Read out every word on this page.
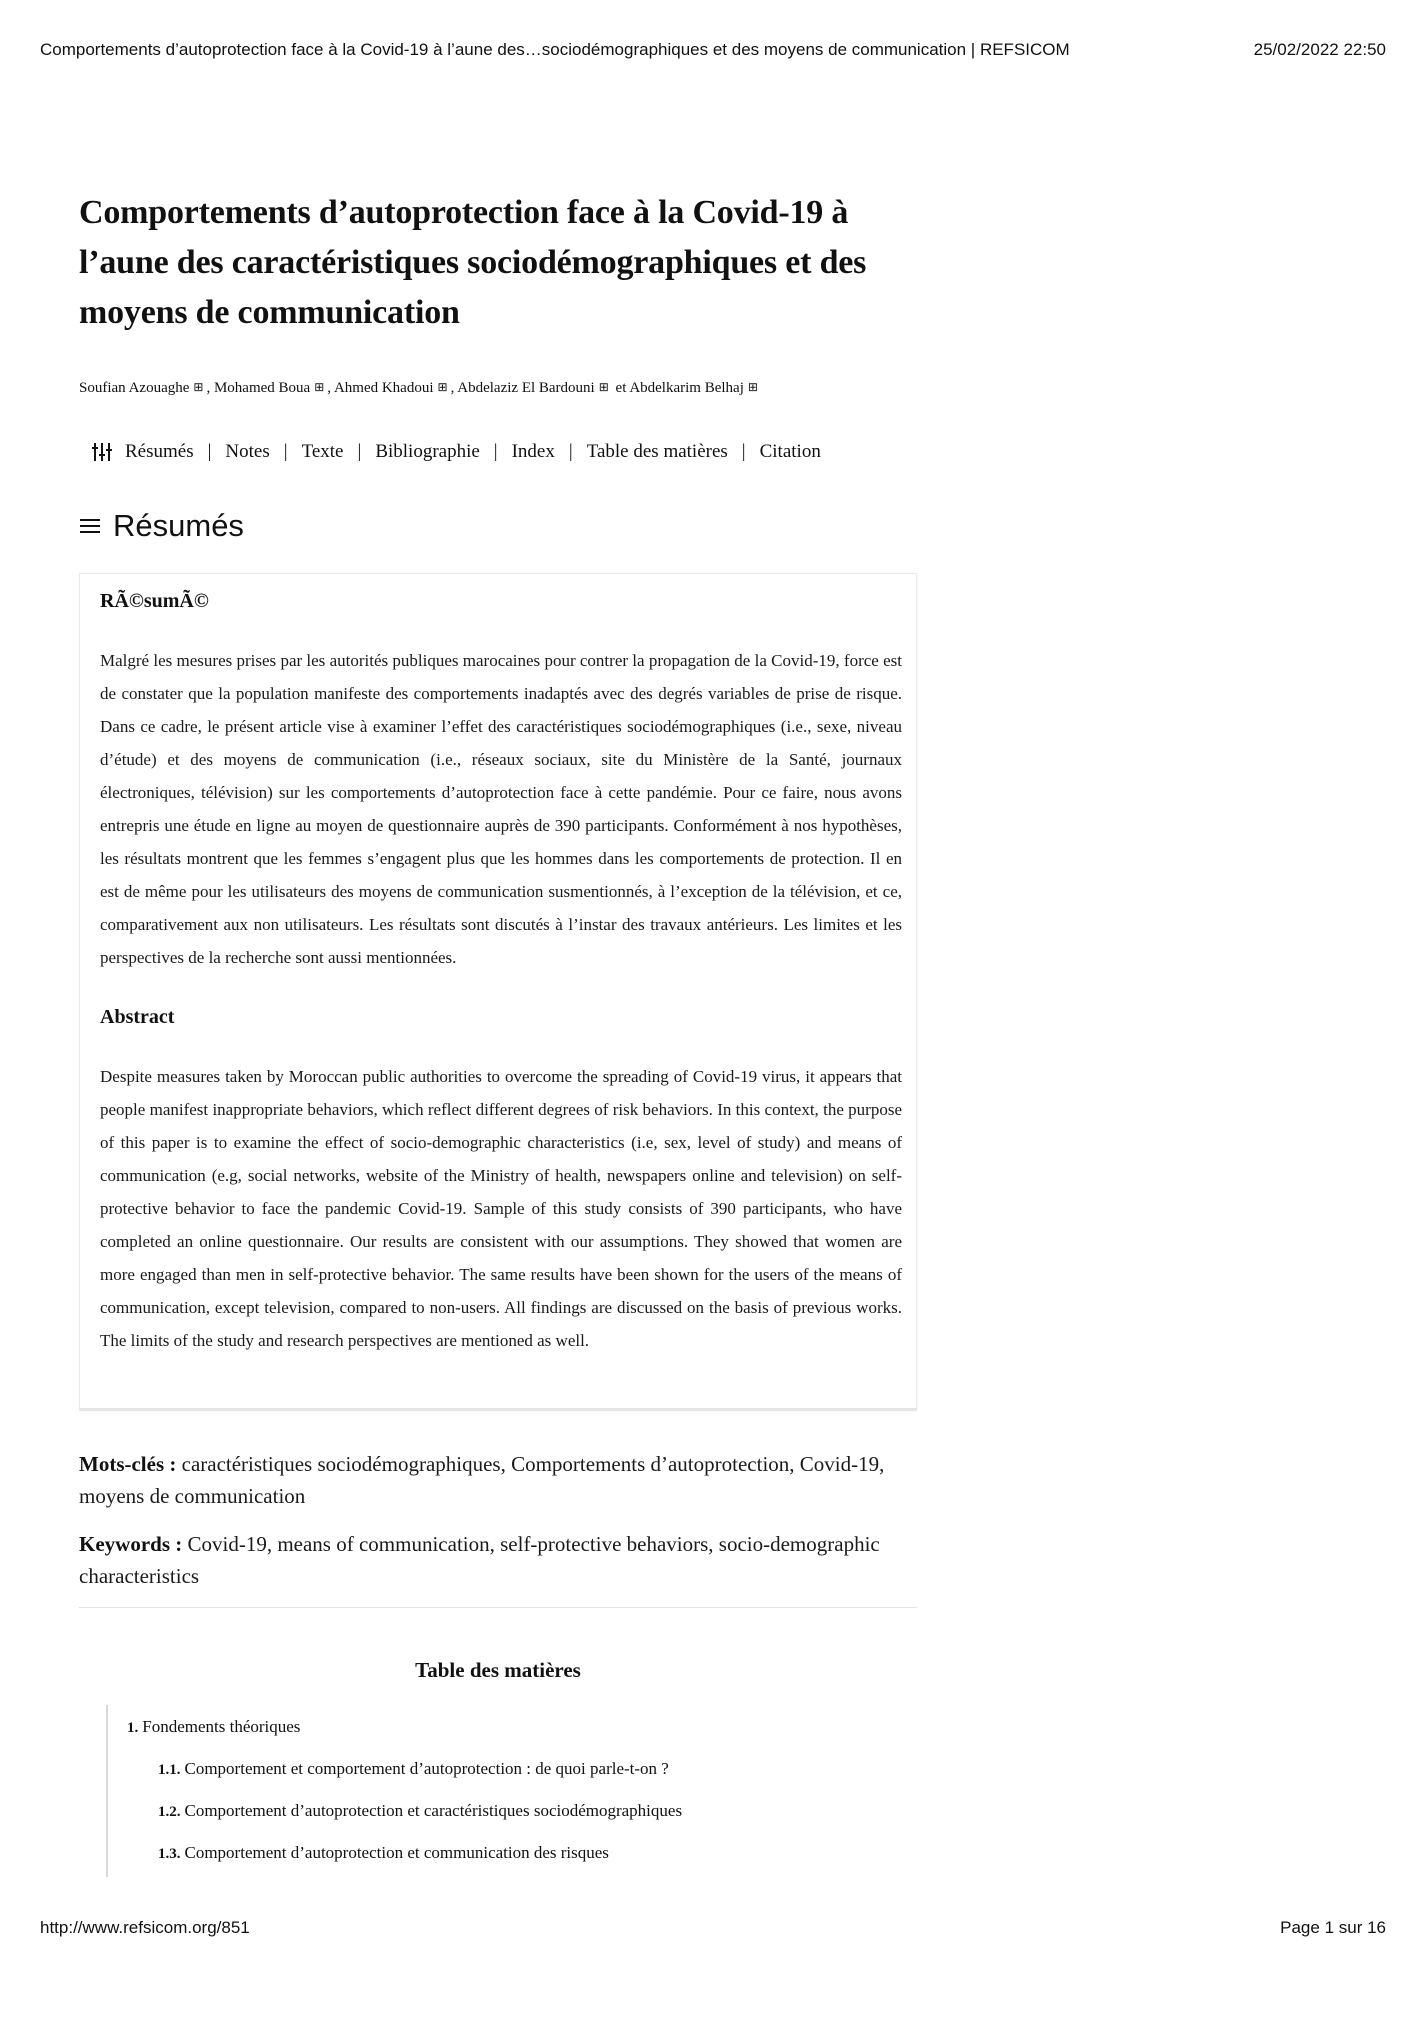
Comportements d’autoprotection face à la Covid-19 à l’aune des…sociodémographiques et des moyens de communication | REFSICOM	25/02/2022 22:50
Comportements d’autoprotection face à la Covid-19 à l’aune des caractéristiques sociodémographiques et des moyens de communication
Soufian Azouaghe ⊞ , Mohamed Boua ⊞ , Ahmed Khadoui ⊞ , Abdelaziz El Bardouni ⊞ et Abdelkarim Belhaj ⊞
Résumés | Notes | Texte | Bibliographie | Index | Table des matières | Citation
Résumés
RÃ©sumÃ©

Malgré les mesures prises par les autorités publiques marocaines pour contrer la propagation de la Covid-19, force est de constater que la population manifeste des comportements inadaptés avec des degrés variables de prise de risque. Dans ce cadre, le présent article vise à examiner l’effet des caractéristiques sociodémographiques (i.e., sexe, niveau d’étude) et des moyens de communication (i.e., réseaux sociaux, site du Ministère de la Santé, journaux électroniques, télévision) sur les comportements d’autoprotection face à cette pandémie. Pour ce faire, nous avons entrepris une étude en ligne au moyen de questionnaire auprès de 390 participants. Conformément à nos hypothèses, les résultats montrent que les femmes s’engagent plus que les hommes dans les comportements de protection. Il en est de même pour les utilisateurs des moyens de communication susmentionnés, à l’exception de la télévision, et ce, comparativement aux non utilisateurs. Les résultats sont discutés à l’instar des travaux antérieurs. Les limites et les perspectives de la recherche sont aussi mentionnées.

Abstract

Despite measures taken by Moroccan public authorities to overcome the spreading of Covid-19 virus, it appears that people manifest inappropriate behaviors, which reflect different degrees of risk behaviors. In this context, the purpose of this paper is to examine the effect of socio-demographic characteristics (i.e, sex, level of study) and means of communication (e.g, social networks, website of the Ministry of health, newspapers online and television) on self-protective behavior to face the pandemic Covid-19. Sample of this study consists of 390 participants, who have completed an online questionnaire. Our results are consistent with our assumptions. They showed that women are more engaged than men in self-protective behavior. The same results have been shown for the users of the means of communication, except television, compared to non-users. All findings are discussed on the basis of previous works. The limits of the study and research perspectives are mentioned as well.

Mots-clés : caractéristiques sociodémographiques, Comportements d’autoprotection, Covid-19, moyens de communication

Keywords : Covid-19, means of communication, self-protective behaviors, socio-demographic characteristics

Table des matières
1. Fondements théoriques
1.1. Comportement et comportement d’autoprotection : de quoi parle-t-on ?
1.2. Comportement d’autoprotection et caractéristiques sociodémographiques
1.3. Comportement d’autoprotection et communication des risques
http://www.refsicom.org/851	Page 1 sur 16
